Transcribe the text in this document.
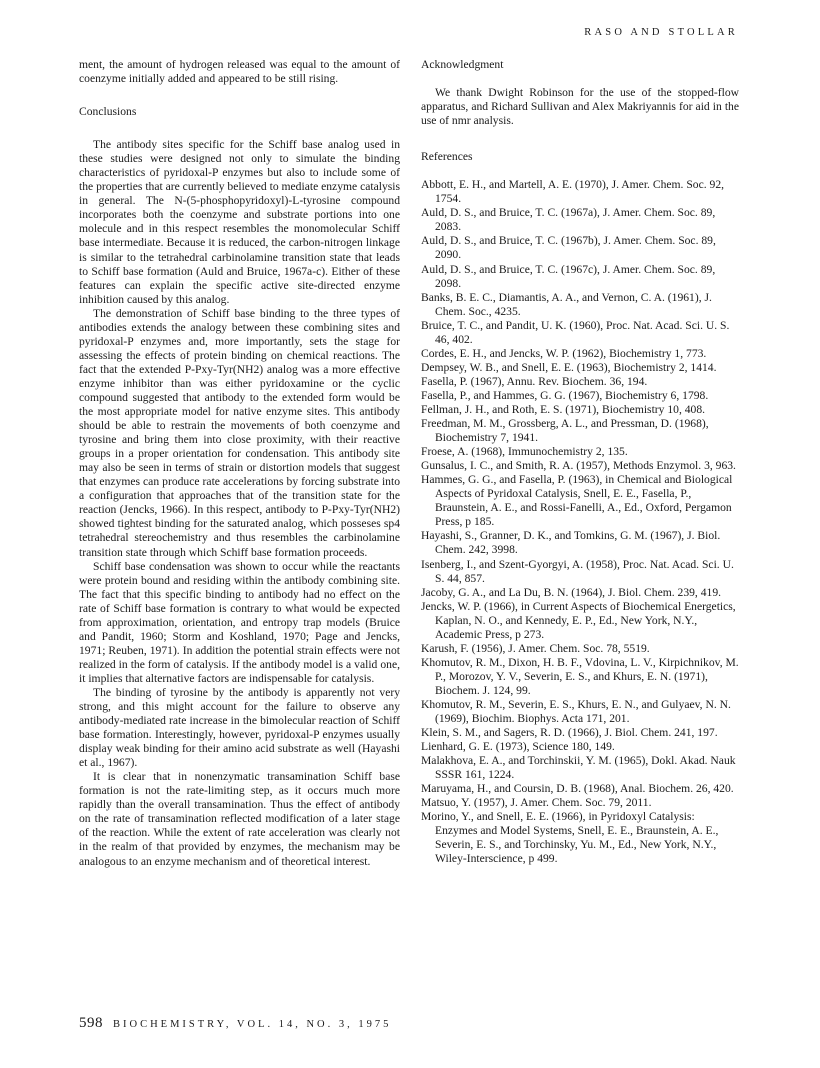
RASO AND STOLLAR

ment, the amount of hydrogen released was equal to the amount of coenzyme initially added and appeared to be still rising.

Conclusions

The antibody sites specific for the Schiff base analog used in these studies were designed not only to simulate the binding characteristics of pyridoxal-P enzymes but also to include some of the properties that are currently believed to mediate enzyme catalysis in general. The N-(5-phosphopyridoxyl)-L-tyrosine compound incorporates both the coenzyme and substrate portions into one molecule and in this respect resembles the monomolecular Schiff base intermediate. Because it is reduced, the carbon-nitrogen linkage is similar to the tetrahedral carbinolamine transition state that leads to Schiff base formation (Auld and Bruice, 1967a-c). Either of these features can explain the specific active site-directed enzyme inhibition caused by this analog.

The demonstration of Schiff base binding to the three types of antibodies extends the analogy between these combining sites and pyridoxal-P enzymes and, more importantly, sets the stage for assessing the effects of protein binding on chemical reactions. The fact that the extended P-Pxy-Tyr(NH2) analog was a more effective enzyme inhibitor than was either pyridoxamine or the cyclic compound suggested that antibody to the extended form would be the most appropriate model for native enzyme sites. This antibody should be able to restrain the movements of both coenzyme and tyrosine and bring them into close proximity, with their reactive groups in a proper orientation for condensation. This antibody site may also be seen in terms of strain or distortion models that suggest that enzymes can produce rate accelerations by forcing substrate into a configuration that approaches that of the transition state for the reaction (Jencks, 1966). In this respect, antibody to P-Pxy-Tyr(NH2) showed tightest binding for the saturated analog, which posseses sp4 tetrahedral stereochemistry and thus resembles the carbinolamine transition state through which Schiff base formation proceeds.

Schiff base condensation was shown to occur while the reactants were protein bound and residing within the antibody combining site. The fact that this specific binding to antibody had no effect on the rate of Schiff base formation is contrary to what would be expected from approximation, orientation, and entropy trap models (Bruice and Pandit, 1960; Storm and Koshland, 1970; Page and Jencks, 1971; Reuben, 1971). In addition the potential strain effects were not realized in the form of catalysis. If the antibody model is a valid one, it implies that alternative factors are indispensable for catalysis.

The binding of tyrosine by the antibody is apparently not very strong, and this might account for the failure to observe any antibody-mediated rate increase in the bimolecular reaction of Schiff base formation. Interestingly, however, pyridoxal-P enzymes usually display weak binding for their amino acid substrate as well (Hayashi et al., 1967).

It is clear that in nonenzymatic transamination Schiff base formation is not the rate-limiting step, as it occurs much more rapidly than the overall transamination. Thus the effect of antibody on the rate of transamination reflected modification of a later stage of the reaction. While the extent of rate acceleration was clearly not in the realm of that provided by enzymes, the mechanism may be analogous to an enzyme mechanism and of theoretical interest.

Acknowledgment

We thank Dwight Robinson for the use of the stopped-flow apparatus, and Richard Sullivan and Alex Makriyannis for aid in the use of nmr analysis.

References

Abbott, E. H., and Martell, A. E. (1970), J. Amer. Chem. Soc. 92, 1754.

Auld, D. S., and Bruice, T. C. (1967a), J. Amer. Chem. Soc. 89, 2083.

Auld, D. S., and Bruice, T. C. (1967b), J. Amer. Chem. Soc. 89, 2090.

Auld, D. S., and Bruice, T. C. (1967c), J. Amer. Chem. Soc. 89, 2098.

Banks, B. E. C., Diamantis, A. A., and Vernon, C. A. (1961), J. Chem. Soc., 4235.

Bruice, T. C., and Pandit, U. K. (1960), Proc. Nat. Acad. Sci. U. S. 46, 402.

Cordes, E. H., and Jencks, W. P. (1962), Biochemistry 1, 773.

Dempsey, W. B., and Snell, E. E. (1963), Biochemistry 2, 1414.

Fasella, P. (1967), Annu. Rev. Biochem. 36, 194.

Fasella, P., and Hammes, G. G. (1967), Biochemistry 6, 1798.

Fellman, J. H., and Roth, E. S. (1971), Biochemistry 10, 408.

Freedman, M. M., Grossberg, A. L., and Pressman, D. (1968), Biochemistry 7, 1941.

Froese, A. (1968), Immunochemistry 2, 135.

Gunsalus, I. C., and Smith, R. A. (1957), Methods Enzymol. 3, 963.

Hammes, G. G., and Fasella, P. (1963), in Chemical and Biological Aspects of Pyridoxal Catalysis, Snell, E. E., Fasella, P., Braunstein, A. E., and Rossi-Fanelli, A., Ed., Oxford, Pergamon Press, p 185.

Hayashi, S., Granner, D. K., and Tomkins, G. M. (1967), J. Biol. Chem. 242, 3998.

Isenberg, I., and Szent-Gyorgyi, A. (1958), Proc. Nat. Acad. Sci. U. S. 44, 857.

Jacoby, G. A., and La Du, B. N. (1964), J. Biol. Chem. 239, 419.

Jencks, W. P. (1966), in Current Aspects of Biochemical Energetics, Kaplan, N. O., and Kennedy, E. P., Ed., New York, N.Y., Academic Press, p 273.

Karush, F. (1956), J. Amer. Chem. Soc. 78, 5519.

Khomutov, R. M., Dixon, H. B. F., Vdovina, L. V., Kirpichnikov, M. P., Morozov, Y. V., Severin, E. S., and Khurs, E. N. (1971), Biochem. J. 124, 99.

Khomutov, R. M., Severin, E. S., Khurs, E. N., and Gulyaev, N. N. (1969), Biochim. Biophys. Acta 171, 201.

Klein, S. M., and Sagers, R. D. (1966), J. Biol. Chem. 241, 197.

Lienhard, G. E. (1973), Science 180, 149.

Malakhova, E. A., and Torchinskii, Y. M. (1965), Dokl. Akad. Nauk SSSR 161, 1224.

Maruyama, H., and Coursin, D. B. (1968), Anal. Biochem. 26, 420.

Matsuo, Y. (1957), J. Amer. Chem. Soc. 79, 2011.

Morino, Y., and Snell, E. E. (1966), in Pyridoxyl Catalysis: Enzymes and Model Systems, Snell, E. E., Braunstein, A. E., Severin, E. S., and Torchinsky, Yu. M., Ed., New York, N.Y., Wiley-Interscience, p 499.

598 BIOCHEMISTRY, VOL. 14, NO. 3, 1975
